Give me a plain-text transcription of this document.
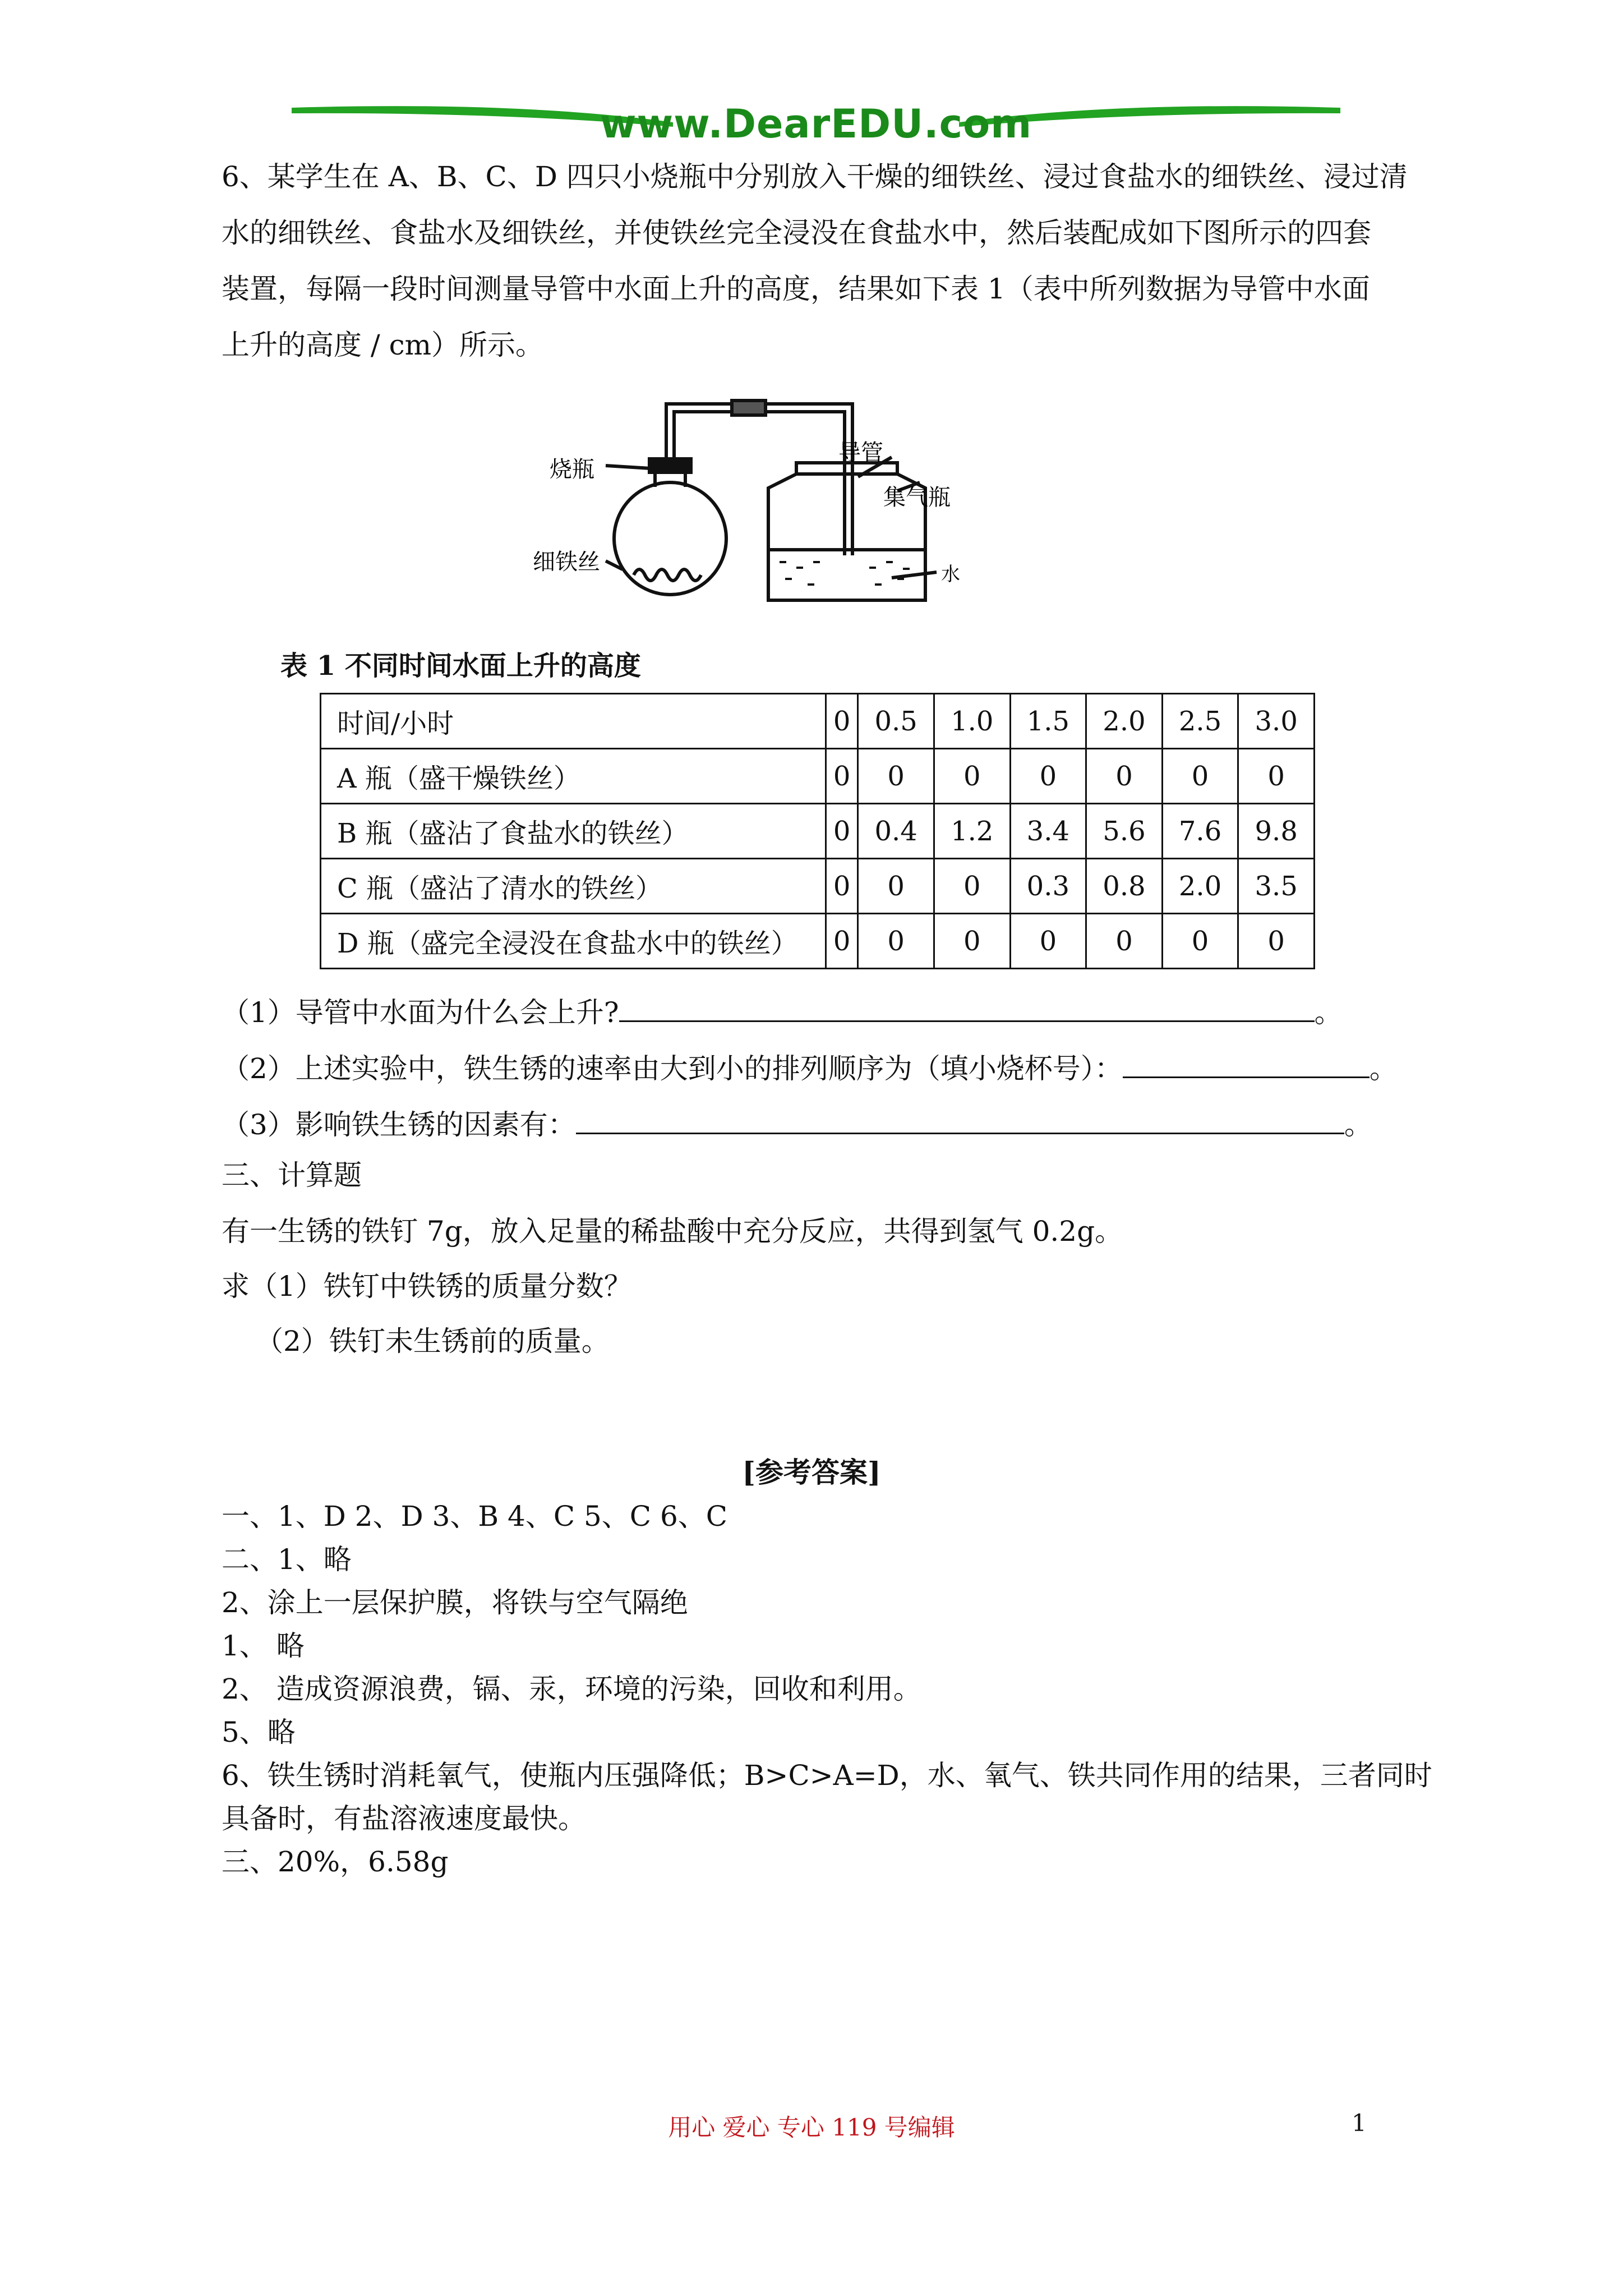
www.DearEDU.com
6、某学生在 A、B、C、D 四只小烧瓶中分别放入干燥的细铁丝、浸过食盐水的细铁丝、浸过清
水的细铁丝、食盐水及细铁丝，并使铁丝完全浸没在食盐水中，然后装配成如下图所示的四套
装置，每隔一段时间测量导管中水面上升的高度，结果如下表 1（表中所列数据为导管中水面
上升的高度 / cm）所示。
烧瓶
导管
集气瓶
细铁丝	水
表 1 不同时间水面上升的高度
时间/小时	0	0.5	1.0	1.5	2.0	2.5	3.0
A 瓶（盛干燥铁丝）	0	0	0	0	0	0	0
B 瓶（盛沾了食盐水的铁丝）	0	0.4	1.2	3.4	5.6	7.6	9.8
C 瓶（盛沾了清水的铁丝）	0	0	0	0.3	0.8	2.0	3.5
D 瓶（盛完全浸没在食盐水中的铁丝）	0	0	0	0	0	0	0
（1）导管中水面为什么会上升?	。
（2）上述实验中，铁生锈的速率由大到小的排列顺序为（填小烧杯号）：	。
（3）影响铁生锈的因素有：	。
三、计算题
有一生锈的铁钉 7g，放入足量的稀盐酸中充分反应，共得到氢气 0.2g。
求（1）铁钉中铁锈的质量分数？
（2）铁钉未生锈前的质量。
[参考答案]
一、1、D 2、D 3、B 4、C 5、C 6、C
二、1、略
2、涂上一层保护膜，将铁与空气隔绝
1、 略
2、 造成资源浪费，镉、汞，环境的污染，回收和利用。
5、略
6、铁生锈时消耗氧气，使瓶内压强降低；B>C>A=D，水、氧气、铁共同作用的结果，三者同时
具备时，有盐溶液速度最快。
三、20%，6.58g
用心 爱心 专心 119 号编辑	1
